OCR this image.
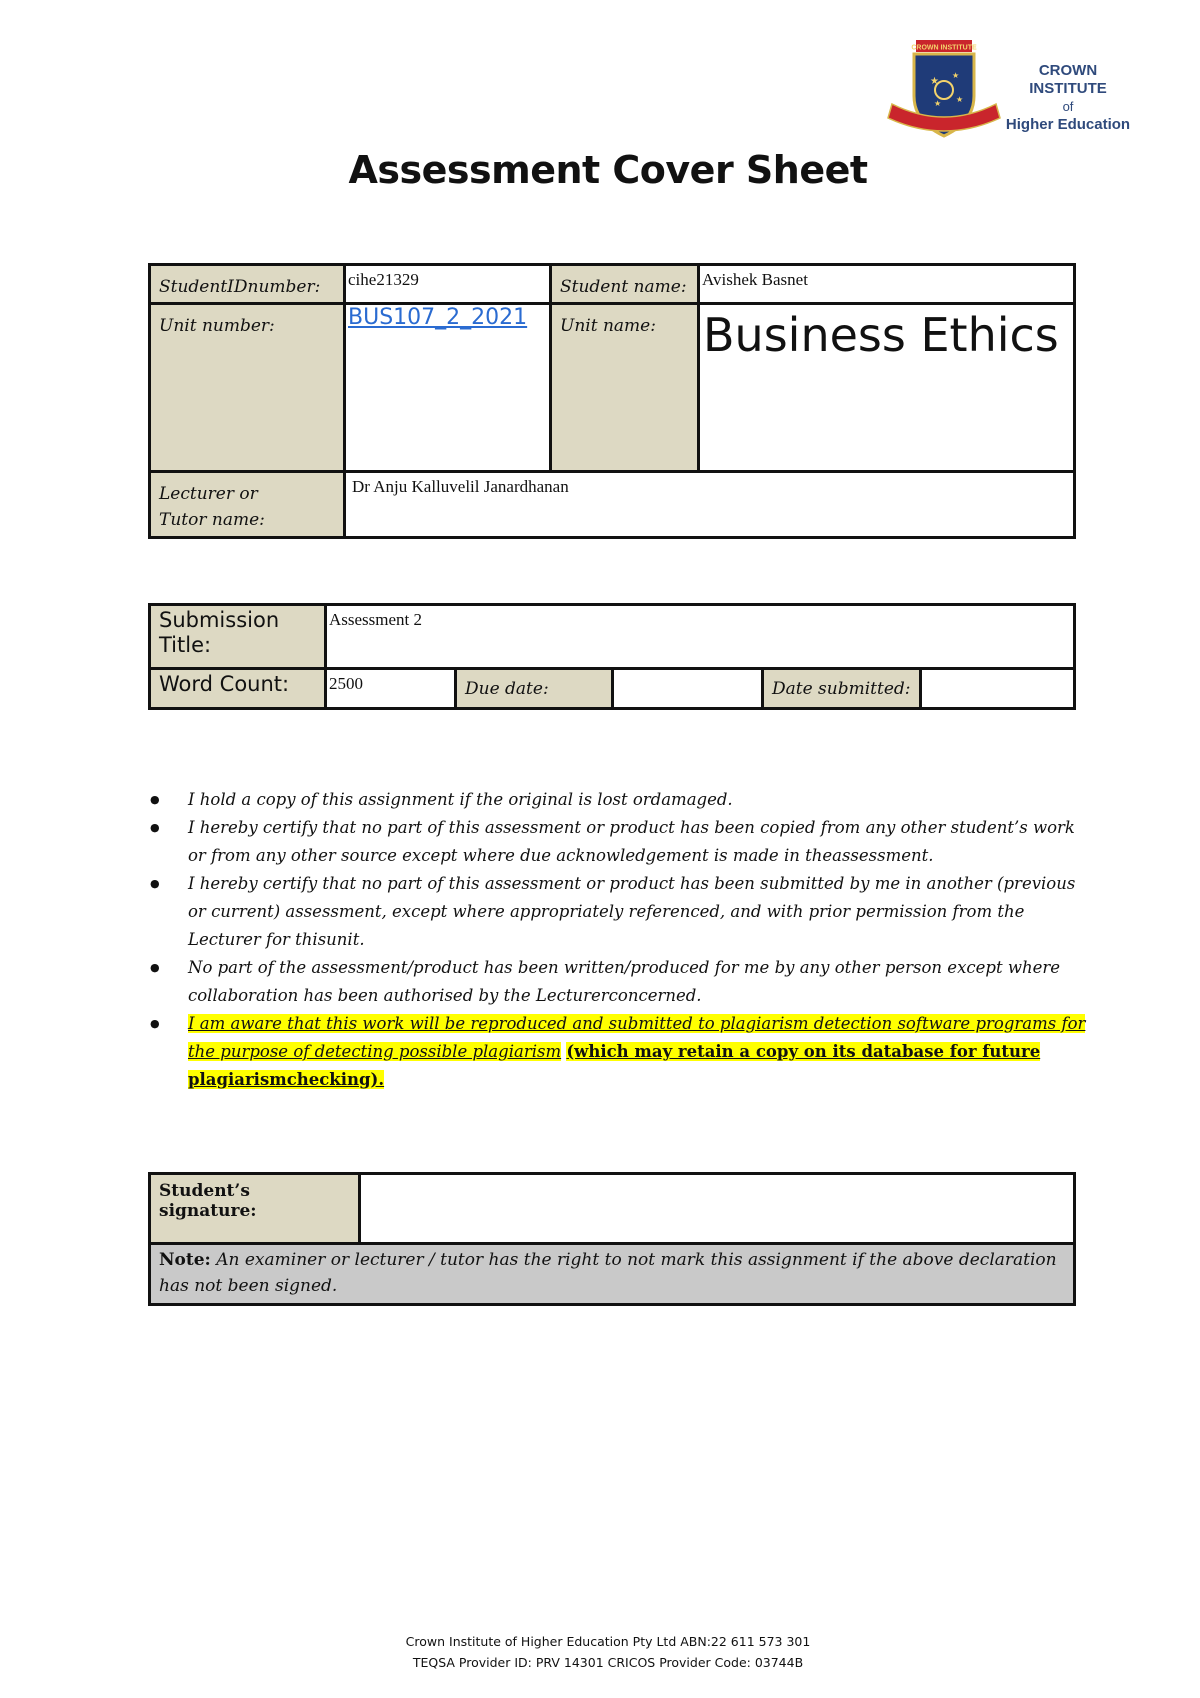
CROWN INSTITUTE
★
★
★ ★
CROWN INSTITUTE
of
Higher Education
Assessment Cover Sheet
StudentIDnumber:	cihe21329	Student name:	Avishek Basnet
Unit number:	BUS107_2_2021	Unit name:	Business Ethics

Lecturer or
Tutor name:	Dr Anju Kalluvelil Janardhanan		
Submission
Title:	Assessment 2				
Word Count:	2500	Due date:		Date submitted:	

● I hold a copy of this assignment if the original is lost ordamaged.

● I hereby certify that no part of this assessment or product has been copied from any other student’s work or from any other source except where due acknowledgement is made in theassessment.

● I hereby certify that no part of this assessment or product has been submitted by me in another (previous or current) assessment, except where appropriately referenced, and with prior permission from the Lecturer for thisunit.

● No part of the assessment/product has been written/produced for me by any other person except where collaboration has been authorised by the Lecturerconcerned.

● I am aware that this work will be reproduced and submitted to plagiarism detection software programs for the purpose of detecting possible plagiarism (which may retain a copy on its database for future plagiarismchecking).

Student’s signature:	
Note: An examiner or lecturer / tutor has the right to not mark this assignment if the above declaration has not been signed.
Crown Institute of Higher Education Pty Ltd ABN:22 611 573 301
TEQSA Provider ID: PRV 14301 CRICOS Provider Code: 03744B
